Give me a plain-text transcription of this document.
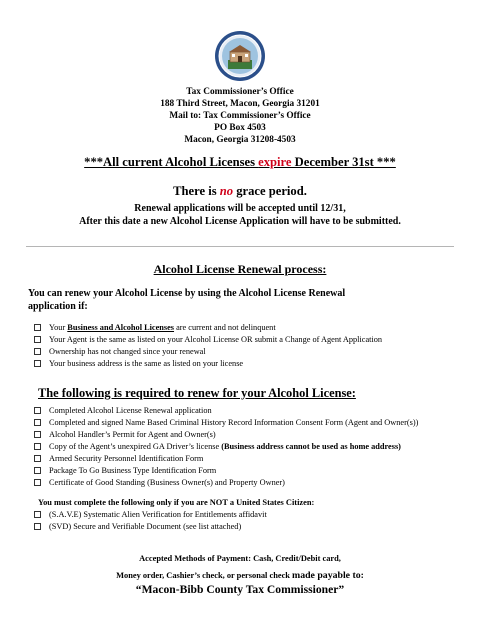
Tax Commissioner’s Office
188 Third Street, Macon, Georgia 31201
Mail to: Tax Commissioner’s Office
PO Box 4503
Macon, Georgia 31208-4503
***All current Alcohol Licenses expire December 31st ***
There is no grace period.
Renewal applications will be accepted until 12/31,
After this date a new Alcohol License Application will have to be submitted.
Alcohol License Renewal process:
You can renew your Alcohol License by using the Alcohol License Renewal
application if:
Your Business and Alcohol Licenses are current and not delinquent
Your Agent is the same as listed on your Alcohol License OR submit a Change of Agent Application
Ownership has not changed since your renewal
Your business address is the same as listed on your license
The following is required to renew for your Alcohol License:
Completed Alcohol License Renewal application
Completed and signed Name Based Criminal History Record Information Consent Form (Agent and Owner(s))
Alcohol Handler’s Permit for Agent and Owner(s)
Copy of the Agent’s unexpired GA Driver’s license (Business address cannot be used as home address)
Armed Security Personnel Identification Form
Package To Go Business Type Identification Form
Certificate of Good Standing (Business Owner(s) and Property Owner)
You must complete the following only if you are NOT a United States Citizen:
(S.A.V.E) Systematic Alien Verification for Entitlements affidavit
(SVD) Secure and Verifiable Document (see list attached)
Accepted Methods of Payment: Cash, Credit/Debit card,
Money order, Cashier’s check, or personal check made payable to:
“Macon-Bibb County Tax Commissioner”
